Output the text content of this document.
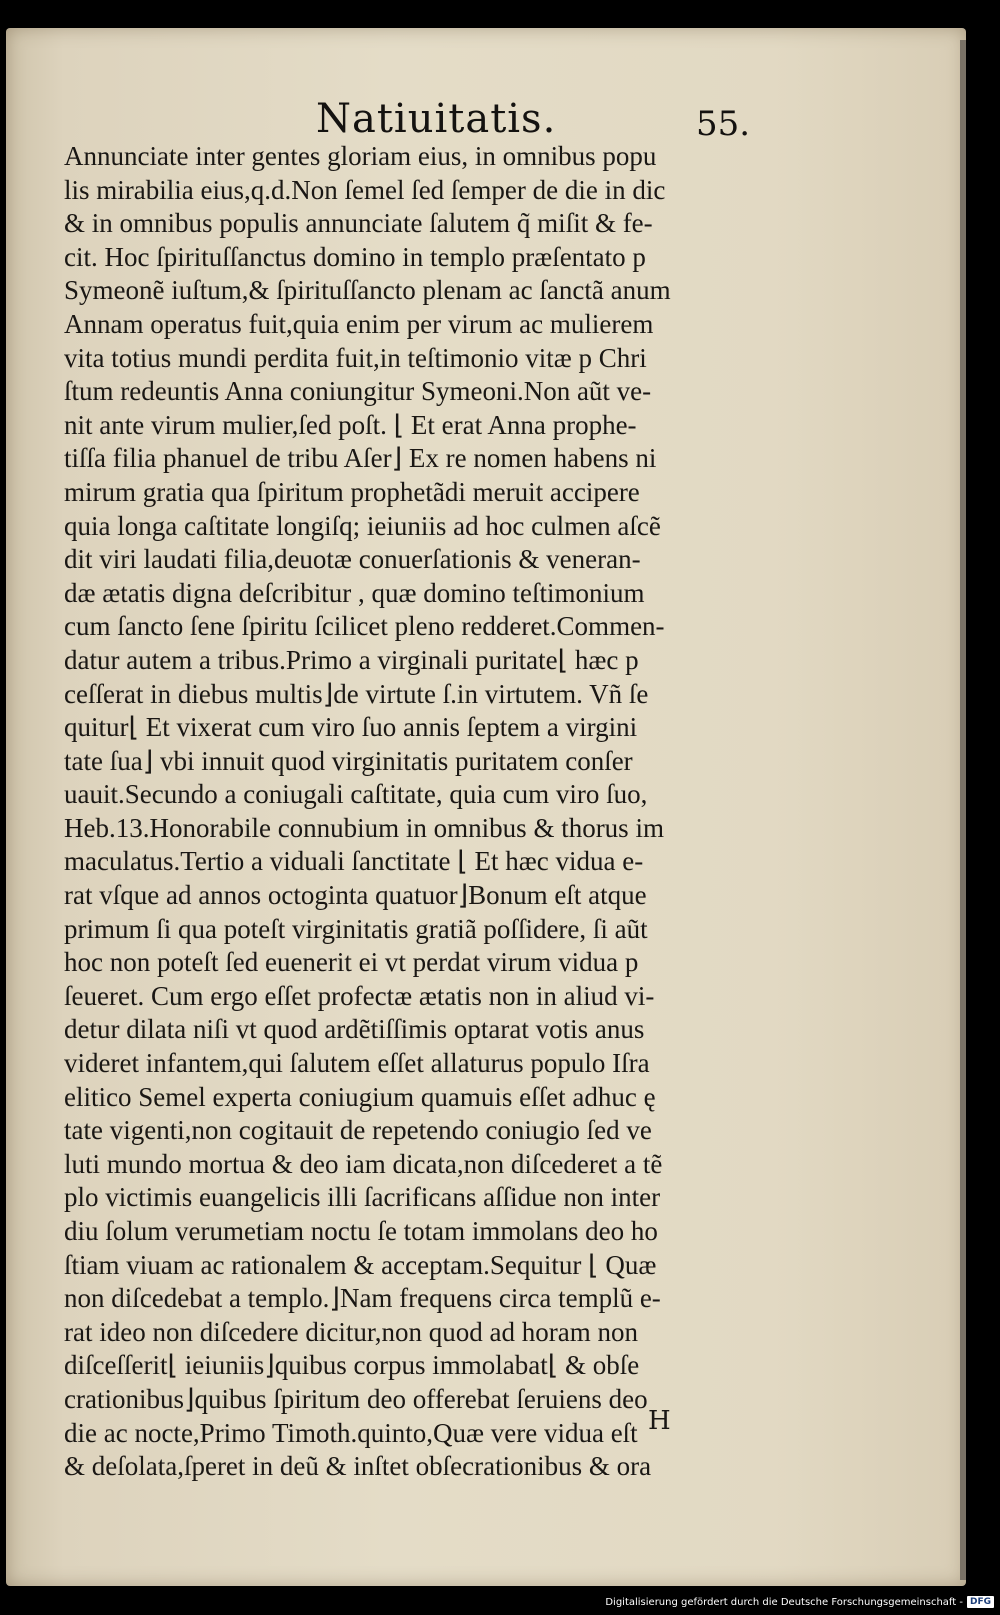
Natiuitatis.	55.
Annunciate inter gentes gloriam eius, in omnibus popu
lis mirabilia eius,q.d.Non ſemel ſed ſemper de die in dic
& in omnibus populis annunciate ſalutem q̃ miſit & fe-
cit. Hoc ſpirituſſanctus domino in templo præſentato p
Symeonẽ iuſtum,& ſpirituſſancto plenam ac ſanctã anum
Annam operatus fuit,quia enim per virum ac mulierem
vita totius mundi perdita fuit,in teſtimonio vitæ p Chri
ſtum redeuntis Anna coniungitur Symeoni.Non aũt ve-
nit ante virum mulier,ſed poſt. ⌊ Et erat Anna prophe-
tiſſa filia phanuel de tribu Aſer⌋ Ex re nomen habens ni
mirum gratia qua ſpiritum prophetãdi meruit accipere
quia longa caſtitate longiſq; ieiuniis ad hoc culmen aſcẽ
dit viri laudati filia,deuotæ conuerſationis & veneran-
dæ ætatis digna deſcribitur , quæ domino teſtimonium
cum ſancto ſene ſpiritu ſcilicet pleno redderet.Commen-
datur autem a tribus.Primo a virginali puritate⌊ hæc p
ceſſerat in diebus multis⌋de virtute ſ.in virtutem. Vñ ſe
quitur⌊ Et vixerat cum viro ſuo annis ſeptem a virgini
tate ſua⌋ vbi innuit quod virginitatis puritatem conſer
uauit.Secundo a coniugali caſtitate, quia cum viro ſuo,
Heb.13.Honorabile connubium in omnibus & thorus im
maculatus.Tertio a viduali ſanctitate ⌊ Et hæc vidua e-
rat vſque ad annos octoginta quatuor⌋Bonum eſt atque
primum ſi qua poteſt virginitatis gratiã poſſidere, ſi aũt
hoc non poteſt ſed euenerit ei vt perdat virum vidua p
ſeueret. Cum ergo eſſet profectæ ætatis non in aliud vi-
detur dilata niſi vt quod ardẽtiſſimis optarat votis anus
videret infantem,qui ſalutem eſſet allaturus populo Iſra
elitico Semel experta coniugium quamuis eſſet adhuc ę
tate vigenti,non cogitauit de repetendo coniugio ſed ve
luti mundo mortua & deo iam dicata,non diſcederet a tẽ
plo victimis euangelicis illi ſacrificans aſſidue non inter
diu ſolum verumetiam noctu ſe totam immolans deo ho
ſtiam viuam ac rationalem & acceptam.Sequitur ⌊ Quæ
non diſcedebat a templo.⌋Nam frequens circa templũ e-
rat ideo non diſcedere dicitur,non quod ad horam non
diſceſſerit⌊ ieiuniis⌋quibus corpus immolabat⌊ & obſe
crationibus⌋quibus ſpiritum deo offerebat ſeruiens deo
die ac nocte,Primo Timoth.quinto,Quæ vere vidua eſt
& deſolata,ſperet in deũ & inſtet obſecrationibus & ora
H
Digitalisierung gefördert durch die Deutsche Forschungsgemeinschaft - DFG
